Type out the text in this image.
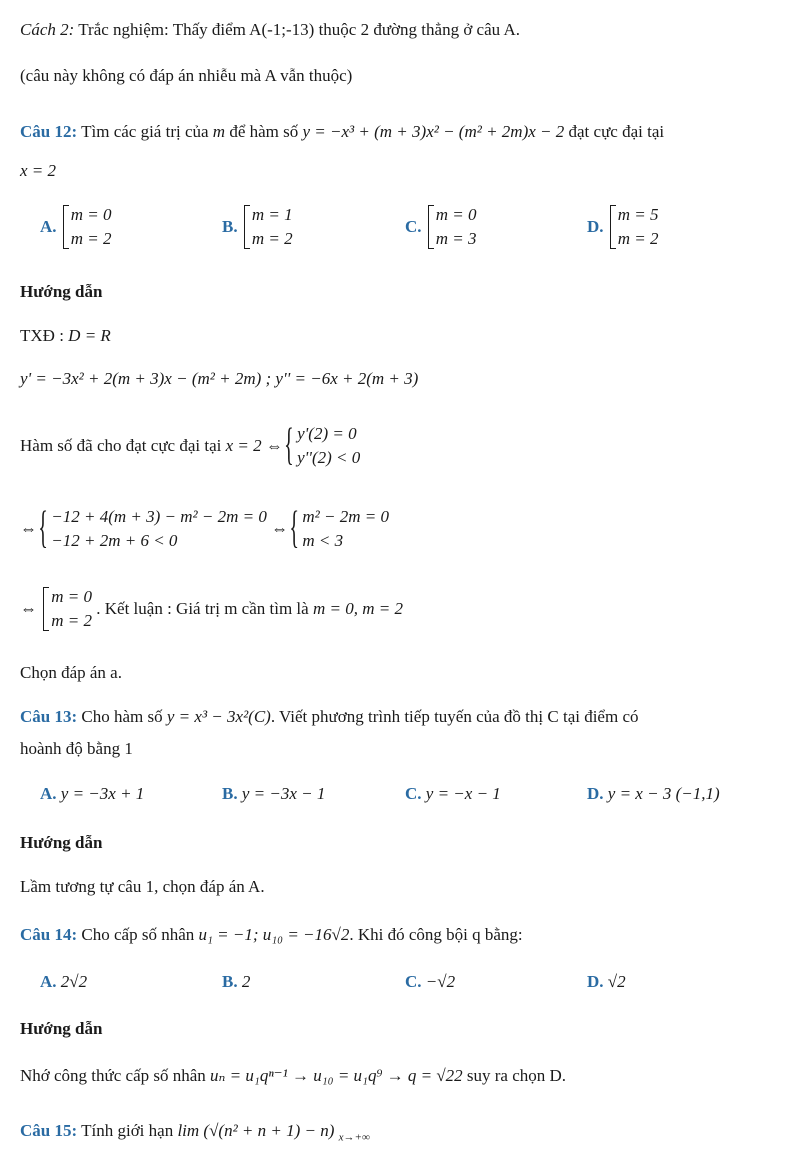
Cách 2: Trắc nghiệm: Thấy điểm A(-1;-13) thuộc 2 đường thẳng ở câu A.
(câu này không có đáp án nhiễu mà A vẫn thuộc)
Câu 12: Tìm các giá trị của m để hàm số y = −x³ + (m + 3)x² − (m² + 2m)x − 2 đạt cực đại tại
x = 2
A.
m = 0
m = 2
B.
m = 1
m = 2
C.
m = 0
m = 3
D.
m = 5
m = 2
Hướng dẫn
TXĐ : D = R
y' = −3x² + 2(m + 3)x − (m² + 2m) ; y'' = −6x + 2(m + 3)
Hàm số đã cho đạt cực đại tại x = 2 ⇔
{ y'(2) = 0
y''(2) < 0
⇔
{ −12 + 4(m + 3) − m² − 2m = 0
−12 + 2m + 6 < 0
⇔
{ m² − 2m = 0
m < 3
⇔
m = 0
m = 2
. Kết luận : Giá trị m cần tìm là m = 0, m = 2
Chọn đáp án a.
Câu 13: Cho hàm số y = x³ − 3x²(C). Viết phương trình tiếp tuyến của đồ thị C tại điểm có
hoành độ bằng 1
A. y = −3x + 1	B. y = −3x − 1	C. y = −x − 1	D. y = x − 3 (−1,1)
Hướng dẫn
Lầm tương tự câu 1, chọn đáp án A.
Câu 14: Cho cấp số nhân u₁ = −1; u₁₀ = −16√2. Khi đó công bội q bằng:
A. 2√2	B. 2	C. −√2	D. √2
Hướng dẫn
Nhớ công thức cấp số nhân uₙ = u₁qⁿ⁻¹ → u₁₀ = u₁q⁹ → q = √22 suy ra chọn D.
Câu 15: Tính giới hạn lim (√(n² + n + 1) − n) $_{x\to+\infty}$
